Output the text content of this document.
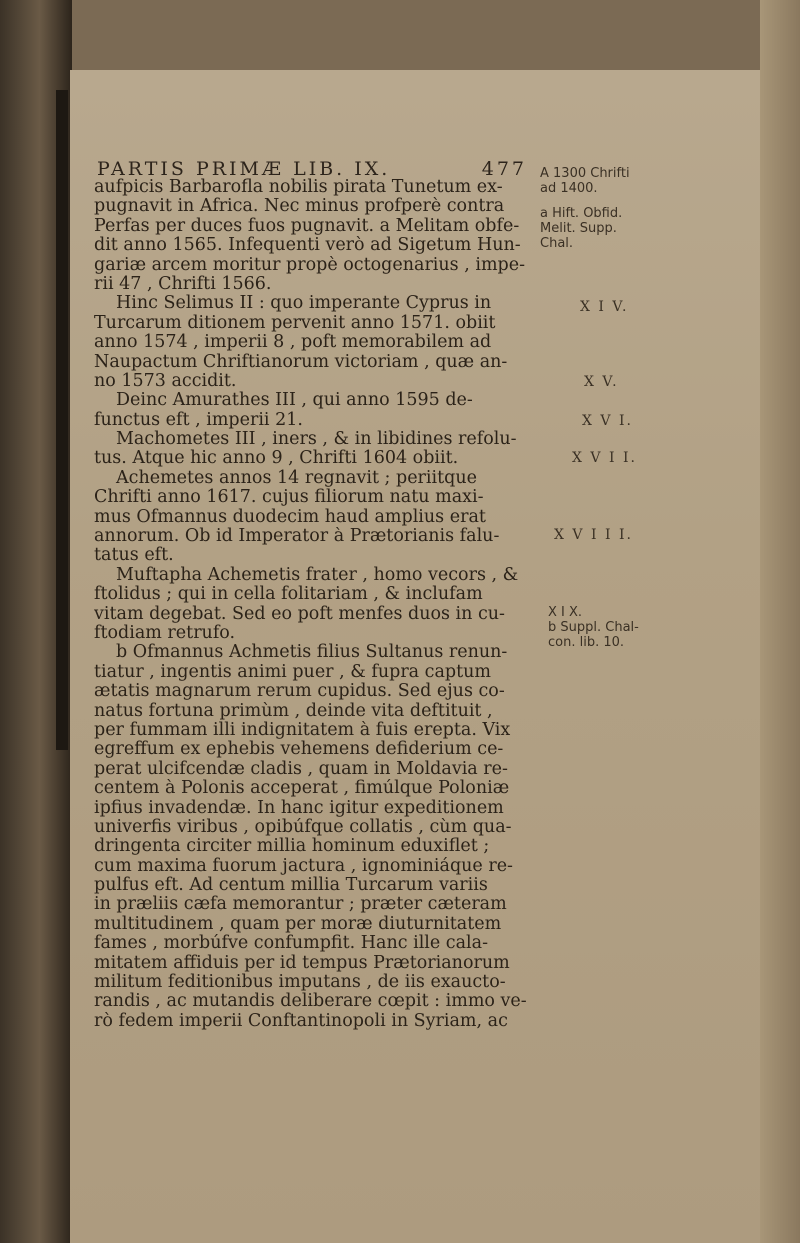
PARTIS PRIMÆ LIB. IX.	477
aufpicis Barbarofla nobilis pirata Tunetum ex-
pugnavit in Africa. Nec minus profperè contra
Perfas per duces fuos pugnavit. a Melitam obfe-
dit anno 1565. Infequenti verò ad Sigetum Hun-
gariæ arcem moritur propè octogenarius , impe-
rii 47 , Chrifti 1566.
Hinc Selimus II : quo imperante Cyprus in
Turcarum ditionem pervenit anno 1571. obiit
anno 1574 , imperii 8 , poft memorabilem ad
Naupactum Chriftianorum victoriam , quæ an-
no 1573 accidit.
Deinc Amurathes III , qui anno 1595 de-
functus eft , imperii 21.
Machometes III , iners , & in libidines refolu-
tus. Atque hic anno 9 , Chrifti 1604 obiit.
Achemetes annos 14 regnavit ; periitque
Chrifti anno 1617. cujus filiorum natu maxi-
mus Ofmannus duodecim haud amplius erat
annorum. Ob id Imperator à Prætorianis falu-
tatus eft.
Muftapha Achemetis frater , homo vecors , &
ftolidus ; qui in cella folitariam , & inclufam
vitam degebat. Sed eo poft menfes duos in cu-
ftodiam retrufo.
b Ofmannus Achmetis filius Sultanus renun-
tiatur , ingentis animi puer , & fupra captum
ætatis magnarum rerum cupidus. Sed ejus co-
natus fortuna primùm , deinde vita deftituit ,
per fummam illi indignitatem à fuis erepta. Vix
egreffum ex ephebis vehemens defiderium ce-
perat ulcifcendæ cladis , quam in Moldavia re-
centem à Polonis acceperat , fimúlque Poloniæ
ipfius invadendæ. In hanc igitur expeditionem
univerfis viribus , opibúfque collatis , cùm qua-
dringenta circiter millia hominum eduxiflet ;
cum maxima fuorum jactura , ignominiáque re-
pulfus eft. Ad centum millia Turcarum variis
in præliis cæfa memorantur ; præter cæteram
multitudinem , quam per moræ diuturnitatem
fames , morbúfve confumpfit. Hanc ille cala-
mitatem affiduis per id tempus Prætorianorum
militum feditionibus imputans , de iis exaucto-
randis , ac mutandis deliberare cœpit : immo ve-
rò fedem imperii Conftantinopoli in Syriam, ac
A 1300 Chrifti
ad 1400.
a Hift. Obfid.
Melit. Supp.
Chal.
X I V.
X V.
X V I.
X V I I.
X V I I I.
X I X.
b Suppl. Chal-
con. lib. 10.
